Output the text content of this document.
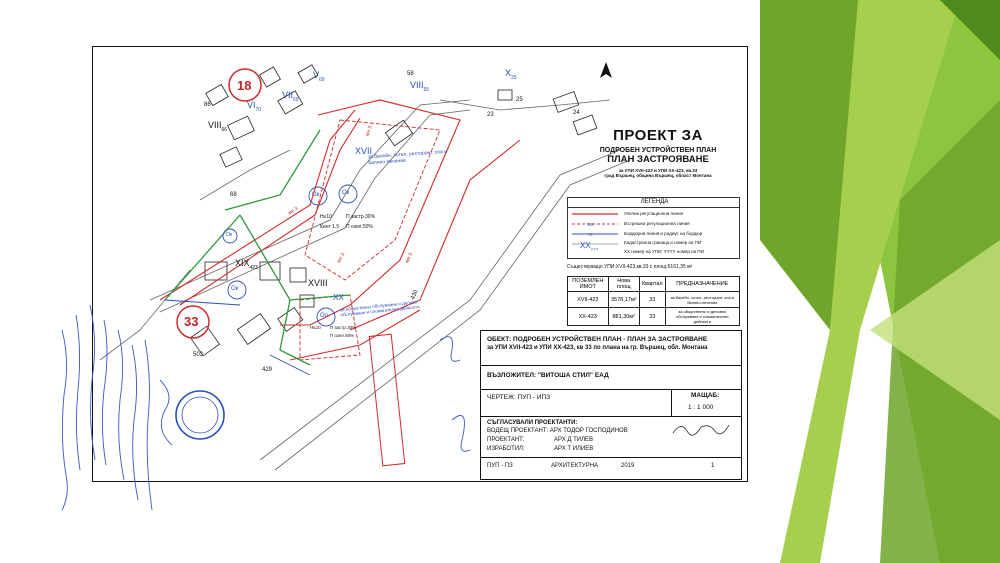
18
33
XVII
$XIX_{423}$
XVIII
XX
$VIII_{55}$
$VI_{70}$
$VIII_{66}$
$V_{69}$
$X_{25}$
$VII_{69}$
за басейн, хотел, ресторант, спа и балнео-лечение
за обществено обслужване и делово обслужване и спомагателни дейности
Ок	Ок
Ок
Ок
Оо
Н≤10	П застр.30%
Кинт 1.5 П озел.50%
Н≤10 П застр.30%
П озел.50%
мн 3
мн 3
мн 3	мн 3
58
25
24
23
430
503
429
68
86
ПРОЕКТ ЗА
ПОДРОБЕН УСТРОЙСТВЕН ПЛАН
ПЛАН ЗАСТРОЯВАНЕ
за УПИ XVII-423 и УПИ XX-423, кв.33
град Вършец, община Вършец, област Монтана
ЛЕГЕНДА
86
32
$XX_{YYY}$
Улична регулационна линия
Вътрешна регулационна линия
Бордюрна линия и радиус на бордюр
Кадастрална граница и номер на ПИ
XX номер на УПИ; YYYY номер на ПИ
Съществуващо УПИ:XVII-423,кв.33 с площ:6161,35 м²
ПОЗЕМЛЕН ИМОТ	Нова площ	Квартал	ПРЕДНАЗНАЧЕНИЕ
XVII-423	3578,17м²	33	за басейн, хотел, ресторант, спа и балнео-лечение
XX-423	881,30м²	33	за обществено и деловно обслужване и спомагателни дейности
ОБЕКТ: ПОДРОБЕН УСТРОЙСТВЕН ПЛАН - ПЛАН ЗА ЗАСТРОЯВАНЕ
за УПИ XVII-423 и УПИ XX-423, кв 33 по плана на гр. Вършец, обл. Монтана
ВЪЗЛОЖИТЕЛ: "ВИТОША СТИЛ" ЕАД
ЧЕРТЕЖ: ПУП - ИПЗ	МАЩАБ:
1 : 1 000
СЪГЛАСУВАЛИ ПРОЕКТАНТИ:
ВОДЕЩ ПРОЕКТАНТ: АРХ ТОДОР ГОСПОДИНОВ
ПРОЕКТАНТ:	АРХ Д ТИЛЕВ
ИЗРАБОТИЛ:	АРХ Т ИЛИЕВ
ПУП - ПЗ	АРХИТЕКТУРНА	2019	1
